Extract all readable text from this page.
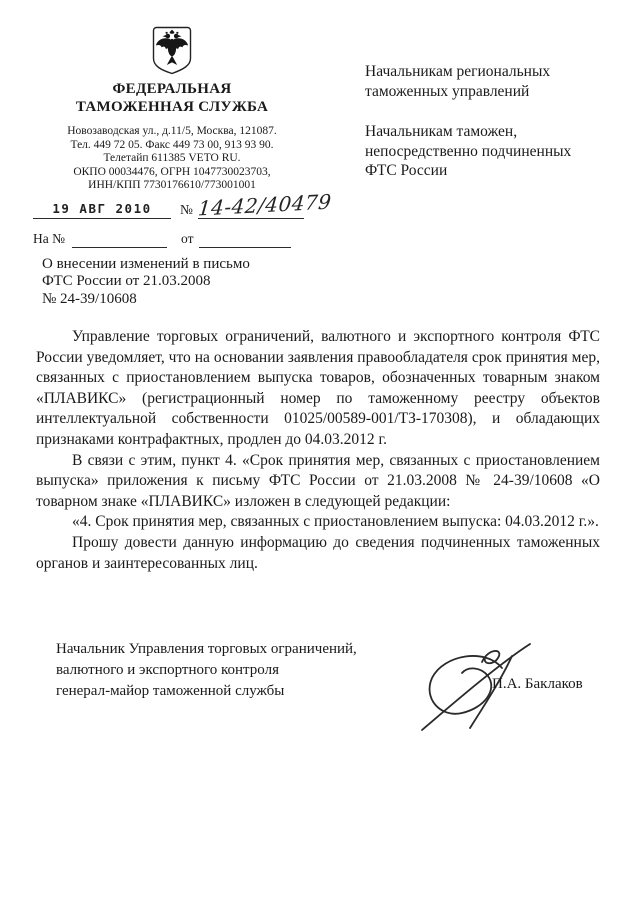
ФЕДЕРАЛЬНАЯ
ТАМОЖЕННАЯ СЛУЖБА
Новозаводская ул., д.11/5, Москва, 121087.
Тел. 449 72 05. Факс 449 73 00, 913 93 90.
Телетайп 611385 VETO RU.
ОКПО 00034476, ОГРН 1047730023703,
ИНН/КПП 7730176610/773001001
19 АВГ 2010	№ 14-42/40479
На №	от
Начальникам региональных таможенных управлений
Начальникам таможен, непосредственно подчиненных ФТС России
О внесении изменений в письмо
ФТС России от 21.03.2008
№ 24-39/10608

Управление торговых ограничений, валютного и экспортного контроля ФТС России уведомляет, что на основании заявления правообладателя срок принятия мер, связанных с приостановлением выпуска товаров, обозначенных товарным знаком «ПЛАВИКС» (регистрационный номер по таможенному реестру объектов интеллектуальной собственности 01025/00589-001/ТЗ-170308), и обладающих признаками контрафактных, продлен до 04.03.2012 г.

В связи с этим, пункт 4. «Срок принятия мер, связанных с приостановлением выпуска» приложения к письму ФТС России от 21.03.2008 № 24-39/10608 «О товарном знаке «ПЛАВИКС» изложен в следующей редакции:

«4. Срок принятия мер, связанных с приостановлением выпуска: 04.03.2012 г.».

Прошу довести данную информацию до сведения подчиненных таможенных органов и заинтересованных лиц.

Начальник Управления торговых ограничений,
валютного и экспортного контроля
генерал-майор таможенной службы	П.А. Баклаков
